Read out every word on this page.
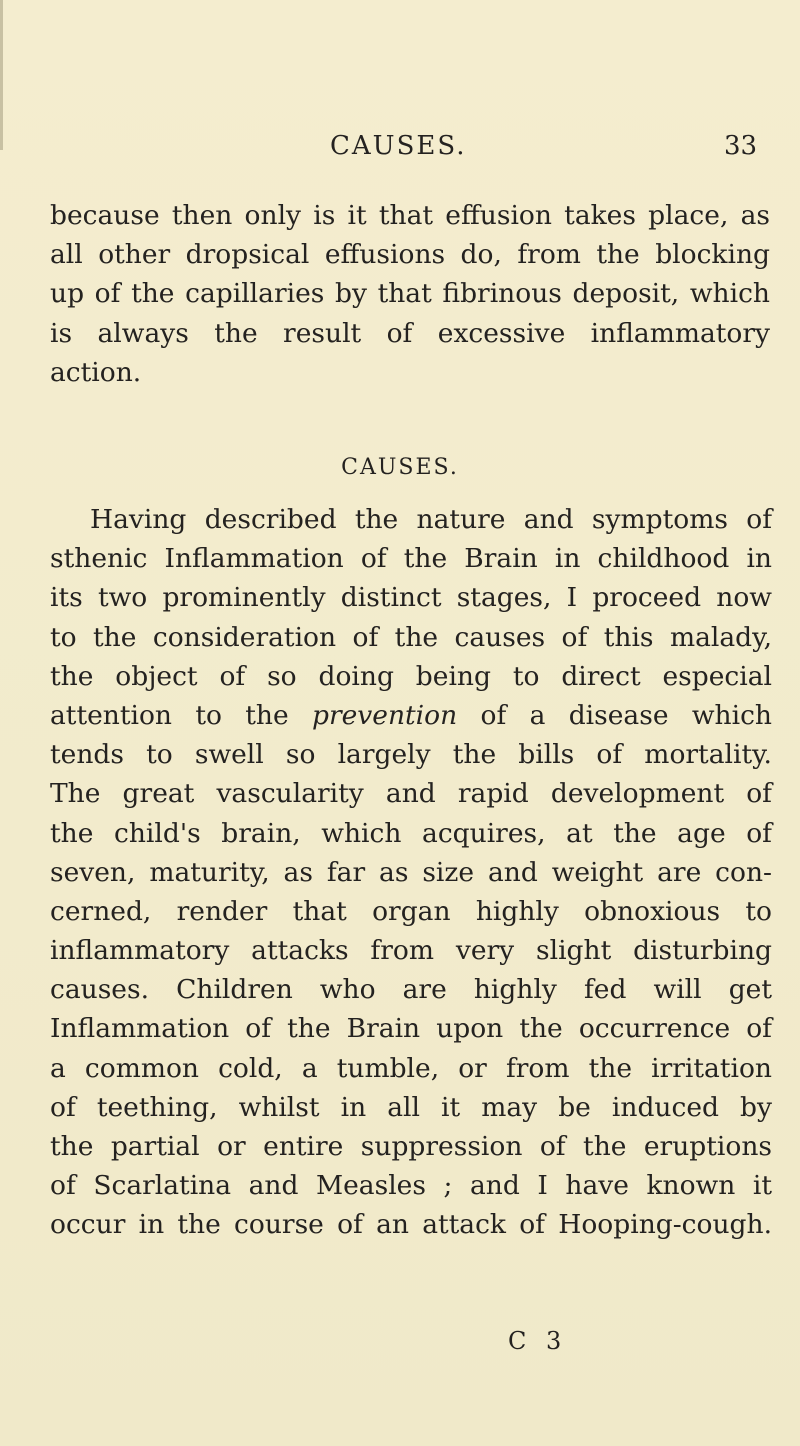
CAUSES.	33
because then only is it that effusion takes place, as
all other dropsical effusions do, from the blocking
up of the capillaries by that fibrinous deposit, which
is always the result of excessive inflammatory
action.
CAUSES.
Having described the nature and symptoms of
sthenic Inflammation of the Brain in childhood in
its two prominently distinct stages, I proceed now
to the consideration of the causes of this malady,
the object of so doing being to direct especial
attention to the prevention of a disease which
tends to swell so largely the bills of mortality.
The great vascularity and rapid development of
the child's brain, which acquires, at the age of
seven, maturity, as far as size and weight are con-
cerned, render that organ highly obnoxious to
inflammatory attacks from very slight disturbing
causes. Children who are highly fed will get
Inflammation of the Brain upon the occurrence of
a common cold, a tumble, or from the irritation
of teething, whilst in all it may be induced by
the partial or entire suppression of the eruptions
of Scarlatina and Measles ; and I have known it
occur in the course of an attack of Hooping-cough.
C 3
